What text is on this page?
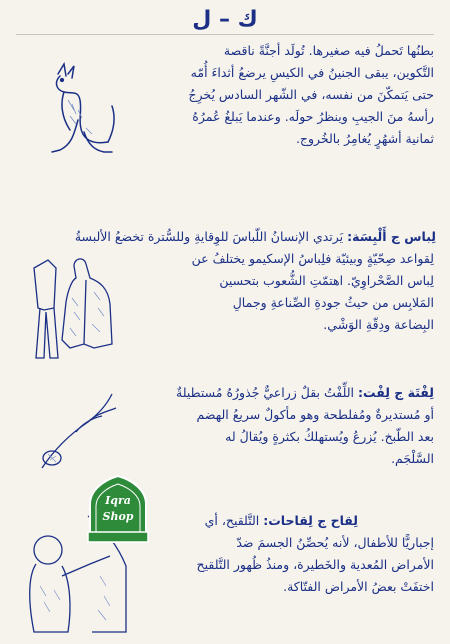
ك – ل

بطنُها تَحملُ فيه صغيرها. تُولَد أجنَّةً ناقصة

التَّكوين، يبقى الجنينُ في الكيسِ يرضعُ أثداءَ أُمّه

حتى يَتمكّنَ من نفسه، في الشّهر السادس يُخرِجُ

رأسهُ منَ الجيبِ وينظرُ حولَه. وعندما يَبلغُ عُمرُهُ

ثمانية أشهُرٍ يُغامِرُ بالخُروج.

لِباس ج أَلْبِسَة: يَرتدي الإنسانُ اللّباسَ للوِقايةِ وللسُّترة تخضعُ الألبسةُ

لِقواعد صِحّيّةٍ وبيئيّة فلِباسُ الإسكيمو يختلفُ عن

لِباس الصَّحْراوِيّ. اهتمّتِ الشُّعوب بتحسين

المَلابِس من حيثُ جودةِ الصِّناعةِ وجمالِ

البِضاعة ودِقّةِ الوَشْي.

لِفْتَة ج لِفْت: اللِّفْتُ بقلٌ زراعيٌّ جُذورُهُ مُستطيلةٌ

أو مُستديرةٌ ومُفلطحة وهو مأكولٌ سريعُ الهضم

بعد الطّبخ. يُزرعُ ويُستهلكُ بكثرةٍ ويُقالُ له

السَّلْجَم.

لِقاح ج لِقاحات: التَّلقيح، أي

إجباريًّا للأطفال، لأنه يُحصِّنُ الجسمَ ضدّ

الأمراض المُعدية والخَطيرة، ومنذُ ظُهور التَّلقيح

اختفَتْ بعضُ الأمراض الفتّاكة.

Iqra
Shop
